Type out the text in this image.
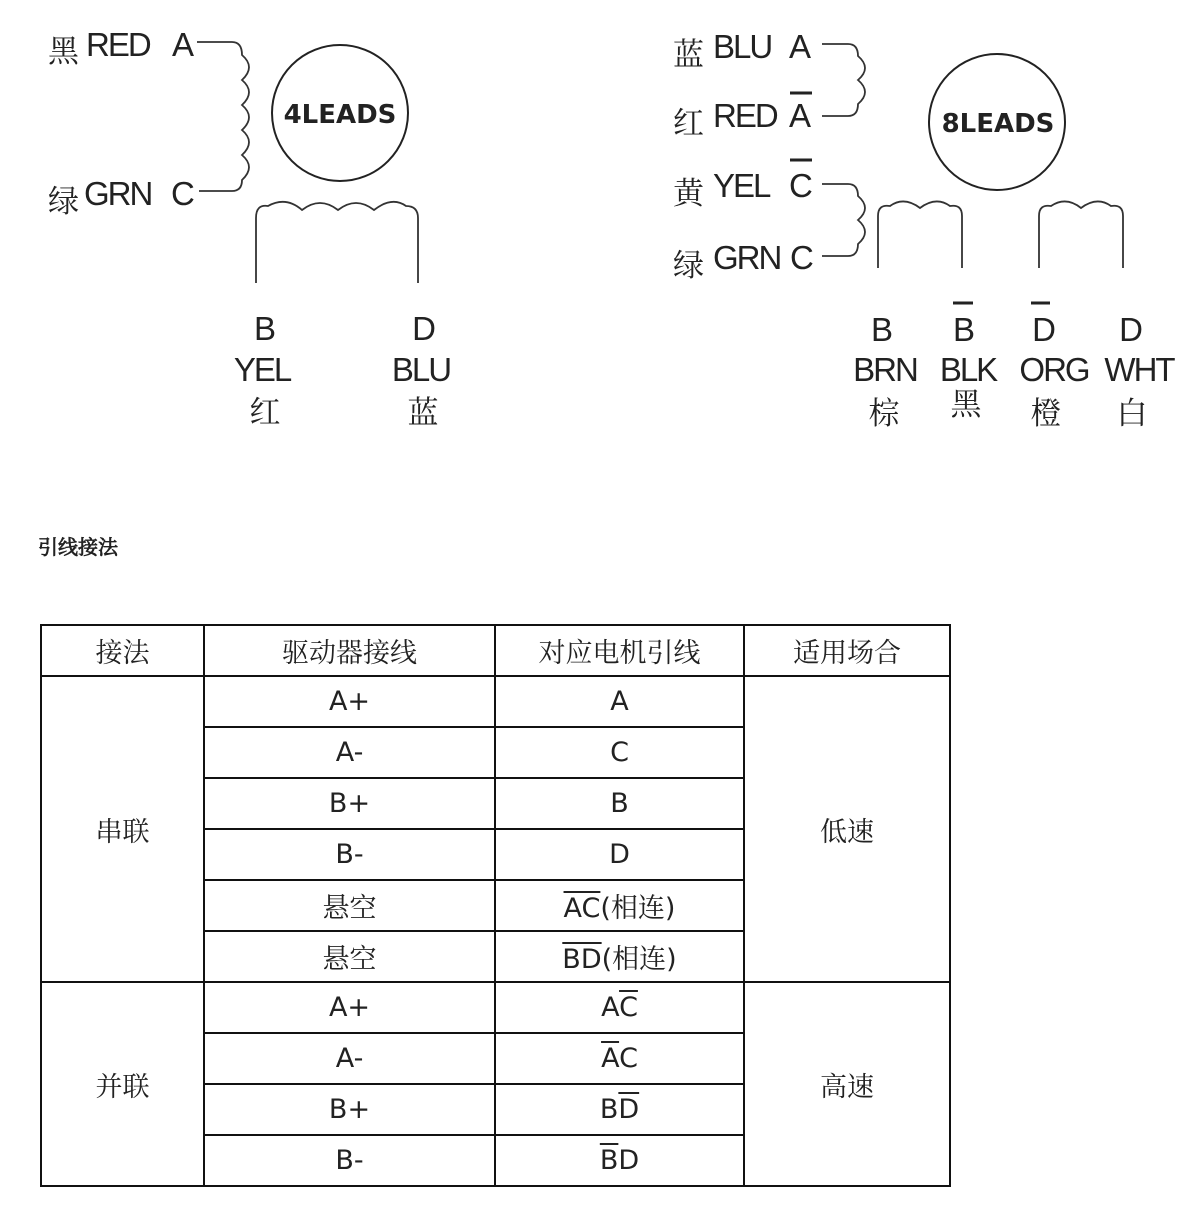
4LEADS
黑 RED A
绿 GRN C
B
YEL
红
D
BLU
蓝
8LEADS
蓝 BLU A
红 RED A
黄 YEL C
绿 GRN C
B
BRN
棕
B
BLK
黑
D
ORG
橙
D
WHT
白

引线接法

接法	驱动器接线	对应电机引线	适用场合
串联	A+	A	低速
	A-	C	
	B+	B	
	B-	D	
	悬空	$\overline{AC}$(相连)	
	悬空	$\overline{BD}$(相连)	
并联	A+	$A\overline{C}$	高速
	A-	$\overline{A}C$	
	B+	$B\overline{D}$
	B-	$\overline{B}D$	
